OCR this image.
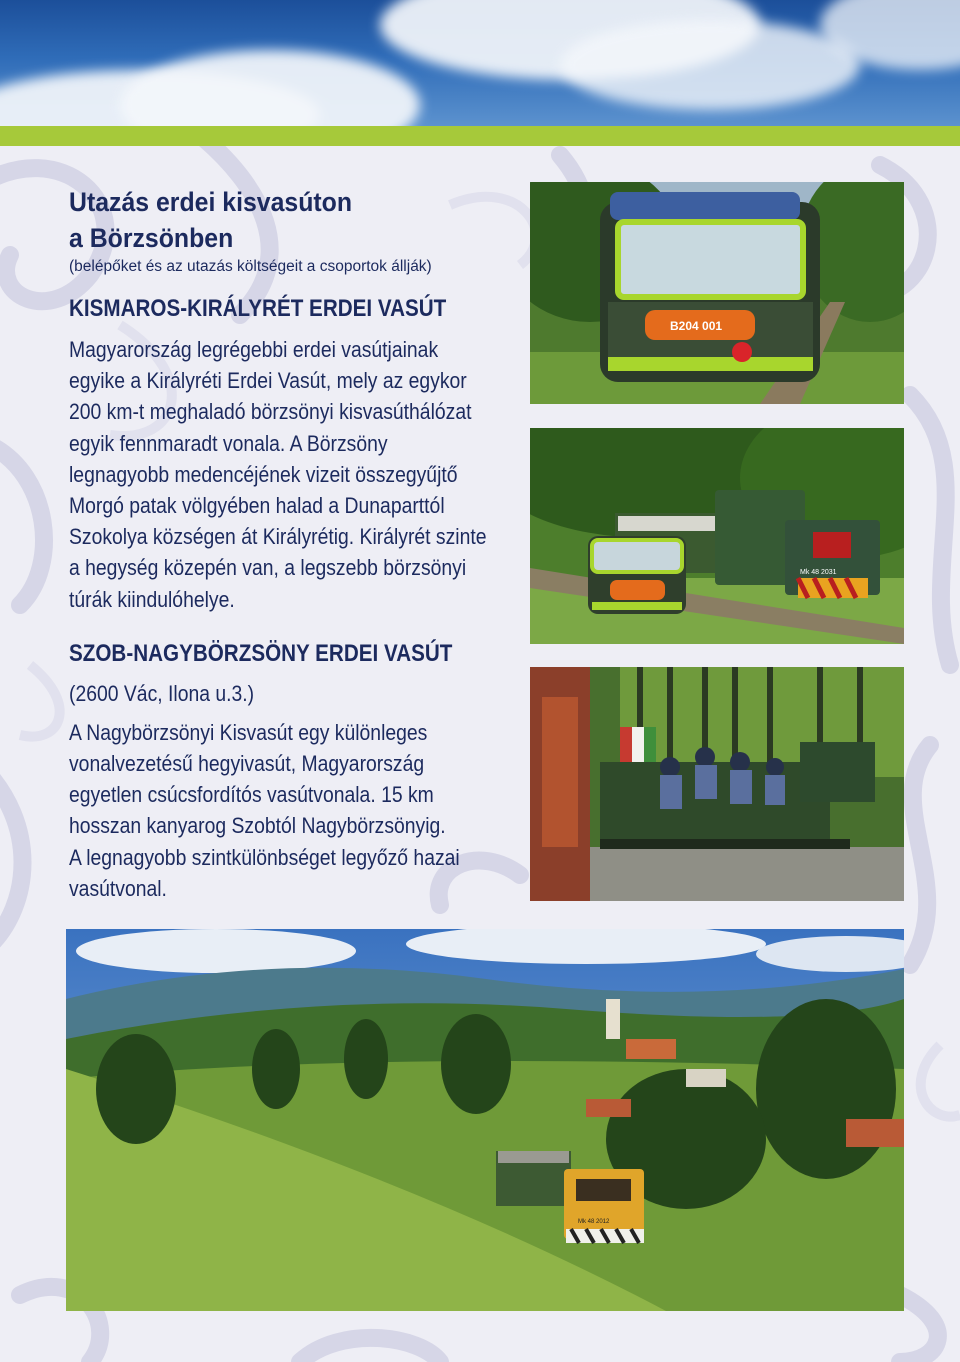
Utazás erdei kisvasúton
a Börzsönben

(belépőket és az utazás költségeit a csoportok állják)

KISMAROS-KIRÁLYRÉT ERDEI VASÚT

Magyarország legrégebbi erdei vasútjainak
egyike a Királyréti Erdei Vasút, mely az egykor
200 km-t meghaladó börzsönyi kisvasúthálózat
egyik fennmaradt vonala. A Börzsöny
legnagyobb medencéjének vizeit összegyűjtő
Morgó patak völgyében halad a Dunaparttól
Szokolya községen át Királyrétig. Királyrét szinte
a hegység közepén van, a legszebb börzsönyi
túrák kiindulóhelye.

SZOB-NAGYBÖRZSÖNY ERDEI VASÚT

(2600 Vác, Ilona u.3.)

A Nagybörzsönyi Kisvasút egy különleges
vonalvezetésű hegyivasút, Magyarország
egyetlen csúcsfordítós vasútvonala. 15 km
hosszan kanyarog Szobtól Nagybörzsönyig.
A legnagyobb szintkülönbséget legyőző hazai
vasútvonal.

B204 001
Mk 48 2031
Mk 48 2012
